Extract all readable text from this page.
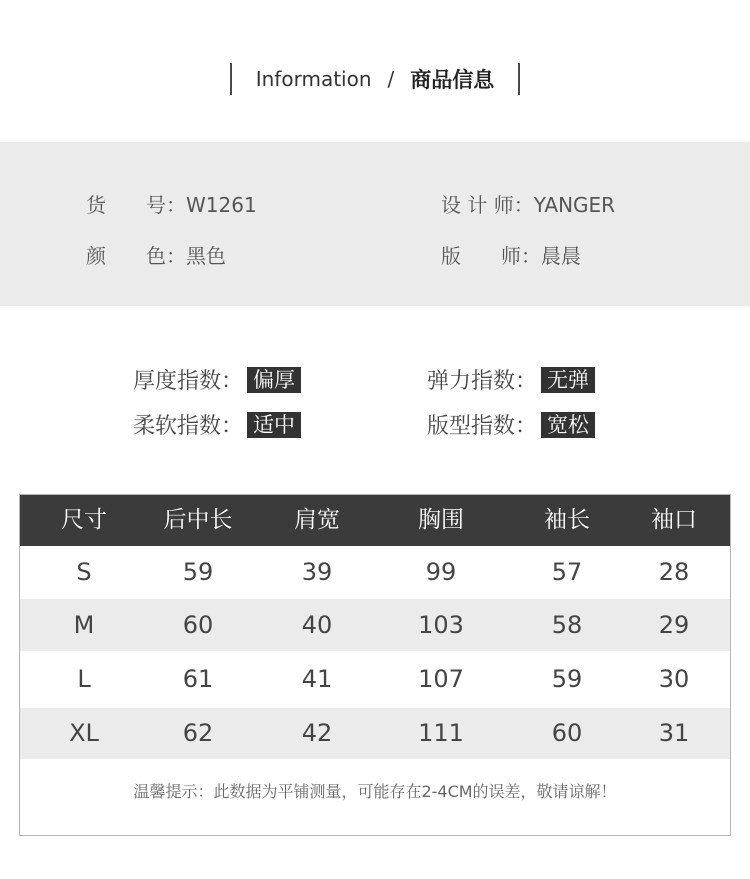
Information / 商品信息
货　　号：W1261	设 计 师：YANGER
颜　　色：黑色	版　　师：晨晨
厚度指数： 偏厚	弹力指数： 无弹
柔软指数： 适中	版型指数： 宽松
尺寸	后中长	肩宽	胸围	袖长	袖口
S	59	39	99	57	28
M	60	40	103	58	29
L	61	41	107	59	30
XL	62	42	111	60	31
温馨提示：此数据为平铺测量，可能存在2-4CM的误差，敬请谅解！
